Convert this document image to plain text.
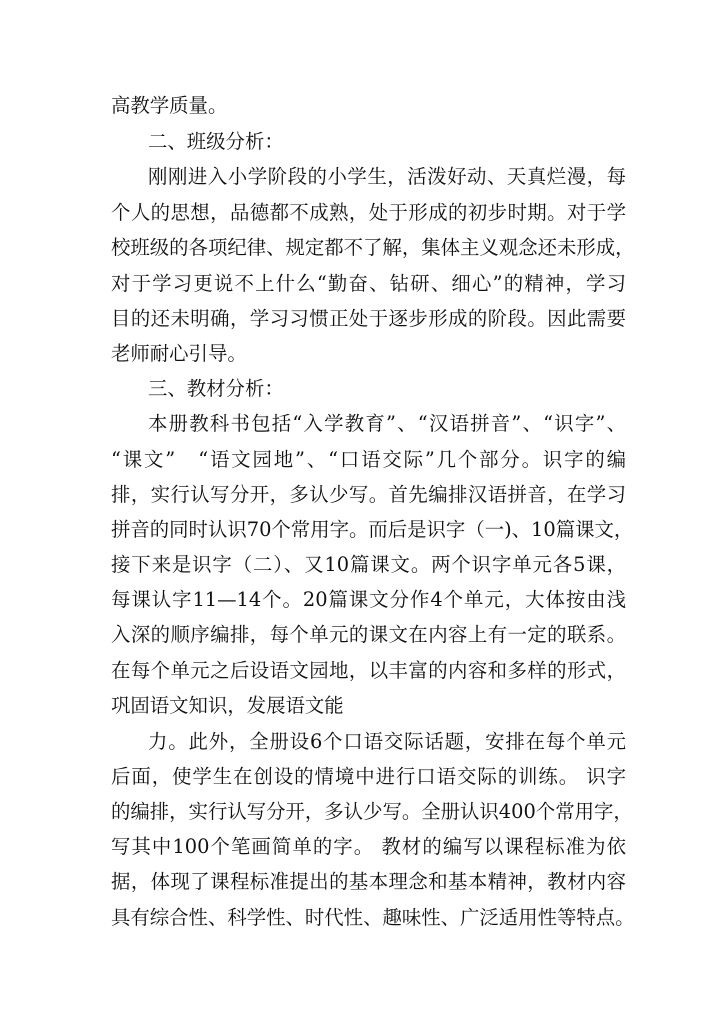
高教学质量。
二、班级分析：
刚刚进入小学阶段的小学生，活泼好动、天真烂漫，每
个人的思想，品德都不成熟，处于形成的初步时期。对于学
校班级的各项纪律、规定都不了解，集体主义观念还未形成，
对于学习更说不上什么“勤奋、钻研、细心”的精神，学习
目的还未明确，学习习惯正处于逐步形成的阶段。因此需要
老师耐心引导。
三、教材分析：
本册教科书包括“入学教育”、“汉语拼音”、“识字”、
“课文”　“语文园地”、“口语交际”几个部分。识字的编
排，实行认写分开，多认少写。首先编排汉语拼音，在学习
拼音的同时认识70个常用字。而后是识字（一)、10篇课文，
接下来是识字（二）、又10篇课文。两个识字单元各5课，
每课认字11—14个。20篇课文分作4个单元，大体按由浅
入深的顺序编排，每个单元的课文在内容上有一定的联系。
在每个单元之后设语文园地，以丰富的内容和多样的形式，
巩固语文知识，发展语文能
力。此外，全册设6个口语交际话题，安排在每个单元
后面，使学生在创设的情境中进行口语交际的训练。 识字
的编排，实行认写分开，多认少写。全册认识400个常用字，
写其中100个笔画简单的字。 教材的编写以课程标准为依
据，体现了课程标准提出的基本理念和基本精神，教材内容
具有综合性、科学性、时代性、趣味性、广泛适用性等特点。
